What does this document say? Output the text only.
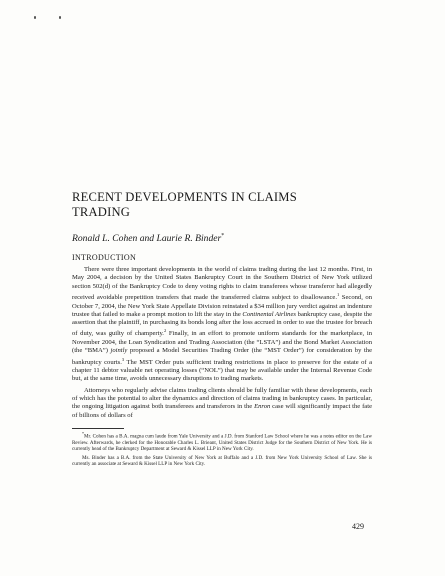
RECENT DEVELOPMENTS IN CLAIMS TRADING
Ronald L. Cohen and Laurie R. Binder*
INTRODUCTION

There were three important developments in the world of claims trading during the last 12 months. First, in May 2004, a decision by the United States Bankruptcy Court in the Southern District of New York utilized section 502(d) of the Bankruptcy Code to deny voting rights to claim transferees whose transferor had allegedly received avoidable prepetition transfers that made the transferred claims subject to disallowance.$^1$ Second, on October 7, 2004, the New York State Appellate Division reinstated a $34 million jury verdict against an indenture trustee that failed to make a prompt motion to lift the stay in the Continental Airlines bankruptcy case, despite the assertion that the plaintiff, in purchasing its bonds long after the loss accrued in order to sue the trustee for breach of duty, was guilty of champerty.$^2$ Finally, in an effort to promote uniform standards for the marketplace, in November 2004, the Loan Syndication and Trading Association (the “LSTA”) and the Bond Market Association (the “BMA”) jointly proposed a Model Securities Trading Order (the “MST Order”) for consideration by the bankruptcy courts.$^3$ The MST Order puts sufficient trading restrictions in place to preserve for the estate of a chapter 11 debtor valuable net operating losses (“NOL”) that may be available under the Internal Revenue Code but, at the same time, avoids unnecessary disruptions to trading markets.

Attorneys who regularly advise claims trading clients should be fully familiar with these developments, each of which has the potential to alter the dynamics and direction of claims trading in bankruptcy cases. In particular, the ongoing litigation against both transferees and transferors in the Enron case will significantly impact the fate of billions of dollars of

*Mr. Cohen has a B.A. magna cum laude from Yale University and a J.D. from Stanford Law School where he was a notes editor on the Law Review. Afterwards, he clerked for the Honorable Charles L. Brieant, United States District Judge for the Southern District of New York. He is currently head of the Bankruptcy Department at Seward & Kissel LLP in New York City.

Ms. Binder has a B.A. from the State University of New York at Buffalo and a J.D. from New York University School of Law. She is currently an associate at Seward & Kissel LLP in New York City.

429
